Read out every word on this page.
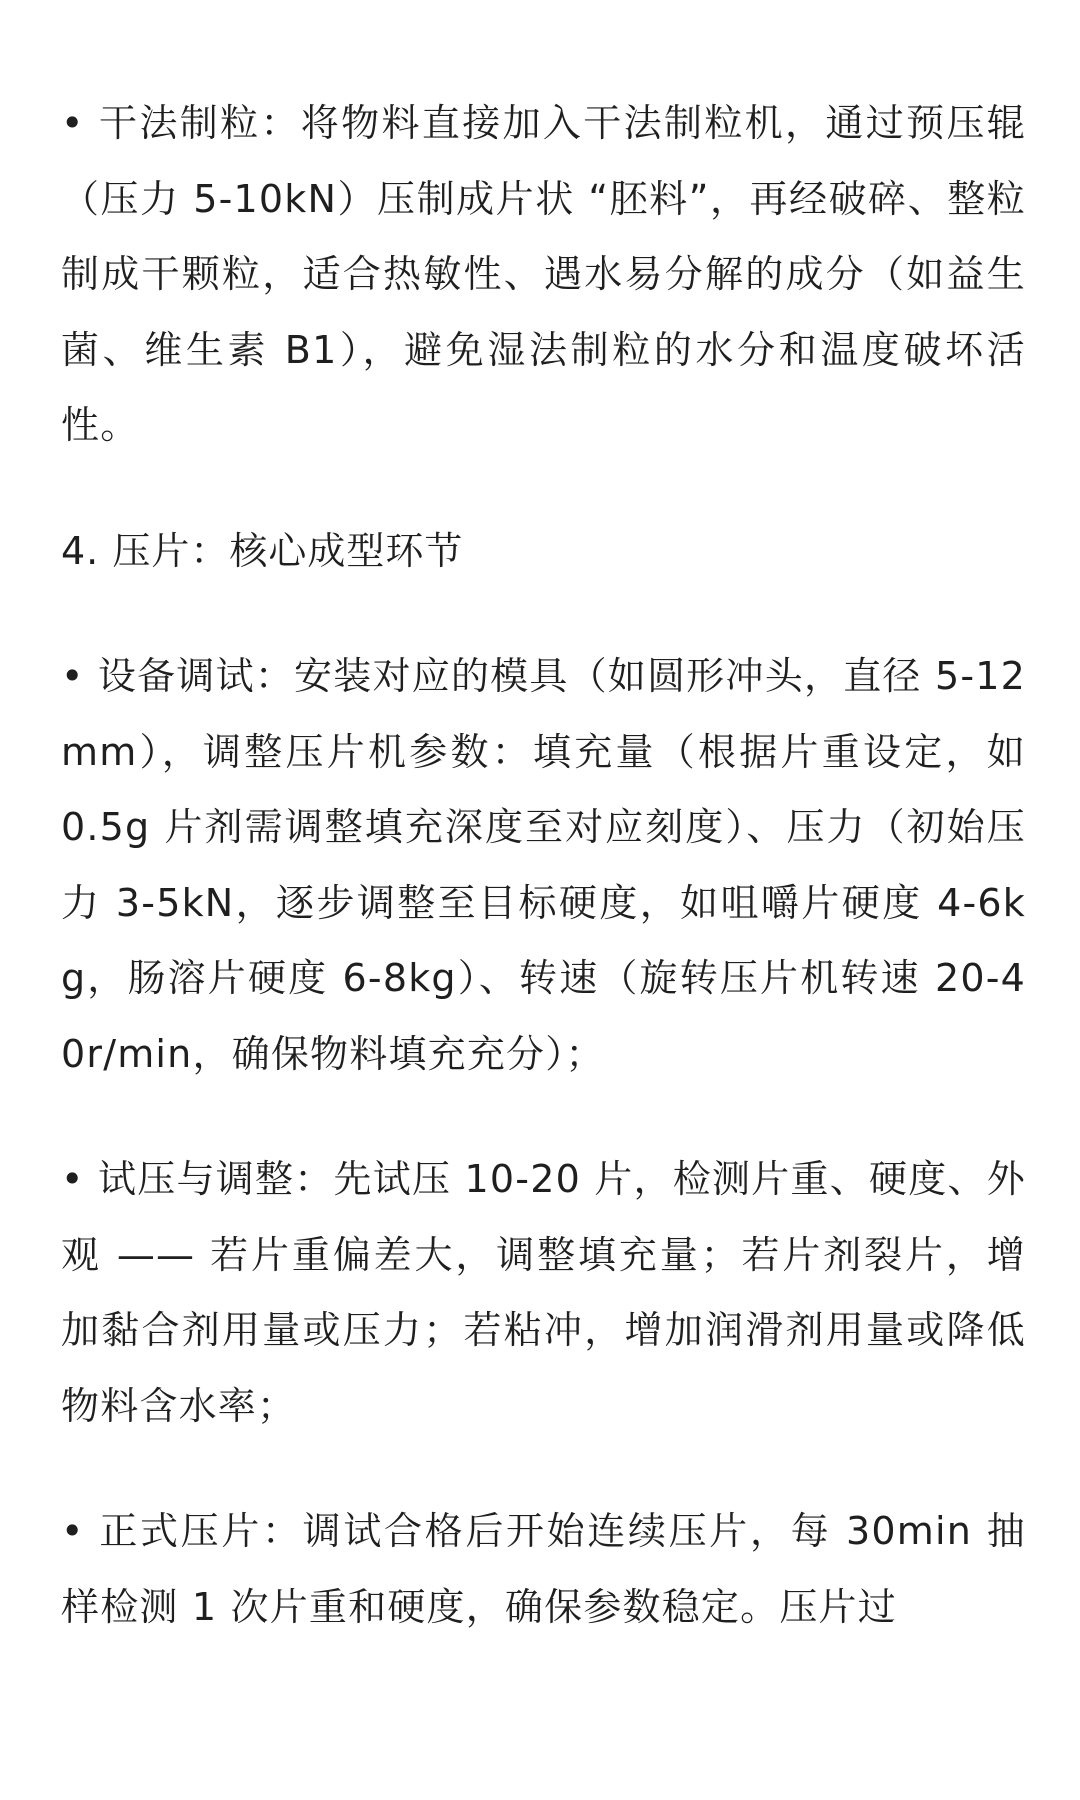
• 干法制粒：将物料直接加入干法制粒机，通过预压辊（压力 5-10kN）压制成片状 “胚料”，再经破碎、整粒制成干颗粒，适合热敏性、遇水易分解的成分（如益生菌、维生素 B1），避免湿法制粒的水分和温度破坏活性。

4. 压片：核心成型环节

• 设备调试：安装对应的模具（如圆形冲头，直径 5-12mm），调整压片机参数：填充量（根据片重设定，如 0.5g 片剂需调整填充深度至对应刻度）、压力（初始压力 3-5kN，逐步调整至目标硬度，如咀嚼片硬度 4-6kg，肠溶片硬度 6-8kg）、转速（旋转压片机转速 20-40r/min，确保物料填充充分）；

• 试压与调整：先试压 10-20 片，检测片重、硬度、外观 —— 若片重偏差大，调整填充量；若片剂裂片，增加黏合剂用量或压力；若粘冲，增加润滑剂用量或降低物料含水率；

• 正式压片：调试合格后开始连续压片，每 30min 抽样检测 1 次片重和硬度，确保参数稳定。压片过
